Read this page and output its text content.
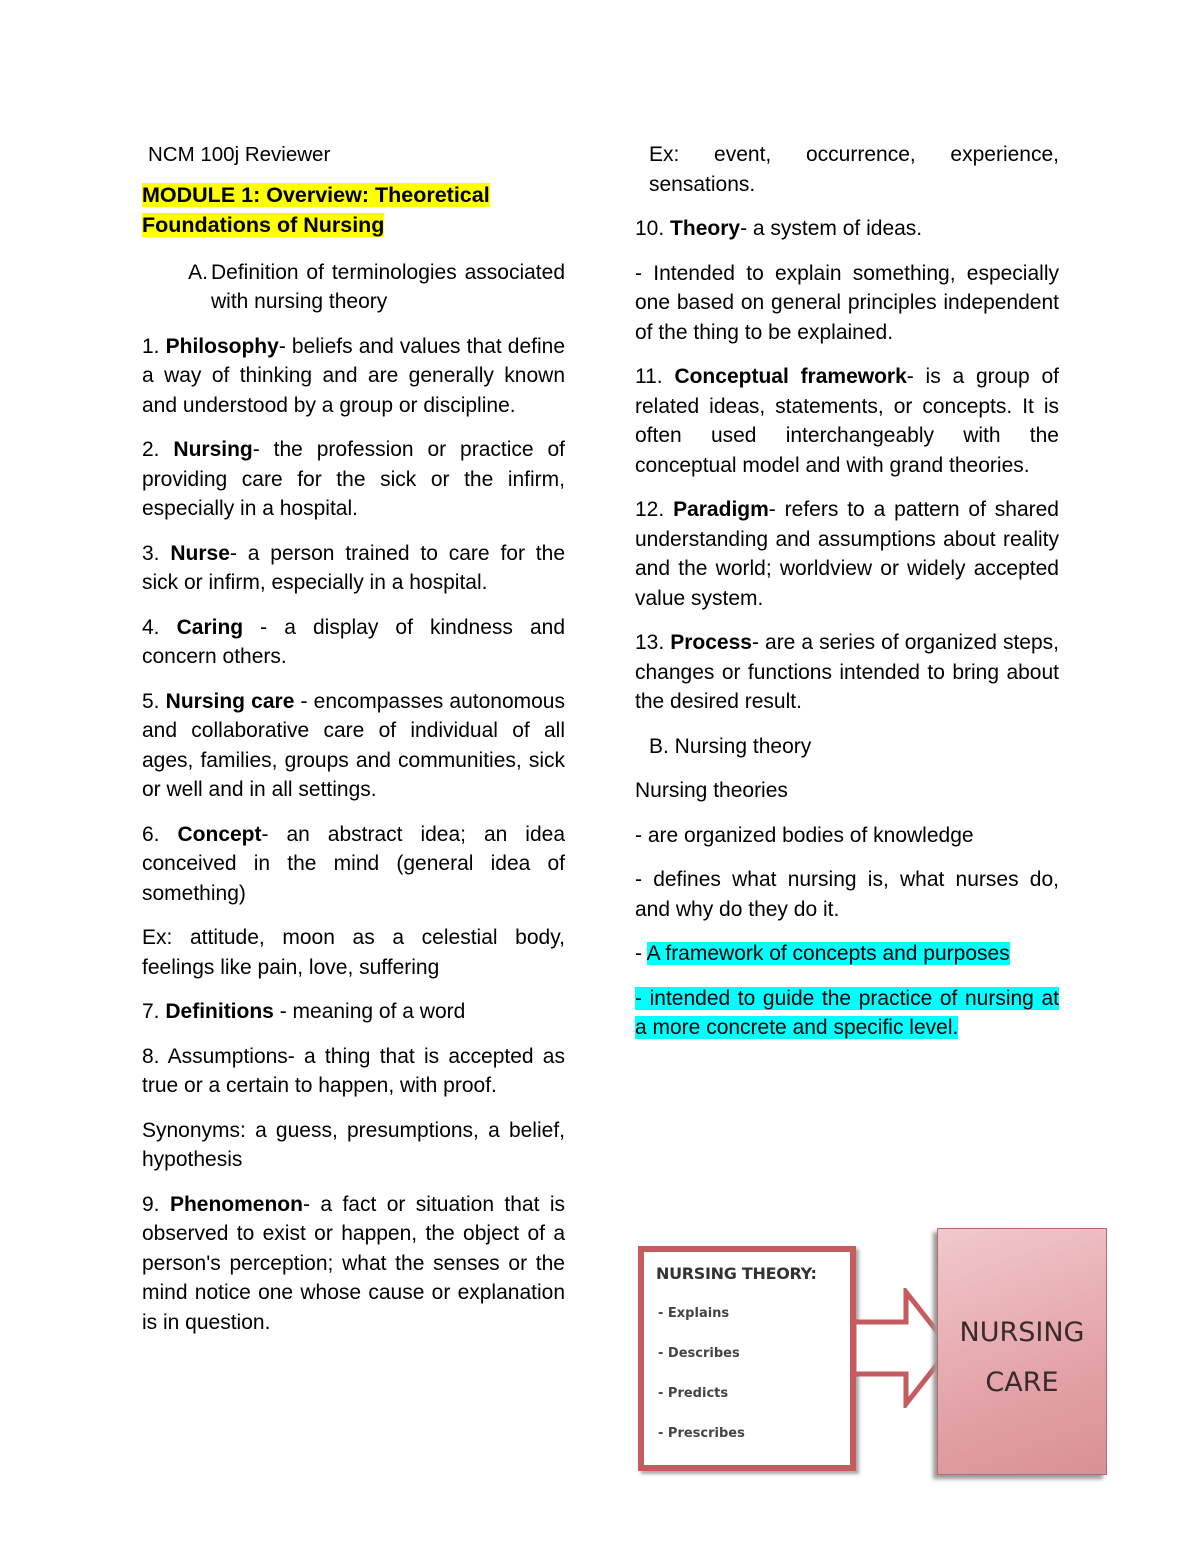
NCM 100j Reviewer

MODULE 1: Overview: Theoretical Foundations of Nursing

A. Definition of terminologies associated with nursing theory

1. Philosophy- beliefs and values that define a way of thinking and are generally known and understood by a group or discipline.

2. Nursing- the profession or practice of providing care for the sick or the infirm, especially in a hospital.

3. Nurse- a person trained to care for the sick or infirm, especially in a hospital.

4. Caring - a display of kindness and concern others.

5. Nursing care - encompasses autonomous and collaborative care of individual of all ages, families, groups and communities, sick or well and in all settings.

6. Concept- an abstract idea; an idea conceived in the mind (general idea of something)

Ex: attitude, moon as a celestial body, feelings like pain, love, suffering

7. Definitions - meaning of a word

8. Assumptions- a thing that is accepted as true or a certain to happen, with proof.

Synonyms: a guess, presumptions, a belief, hypothesis

9. Phenomenon- a fact or situation that is observed to exist or happen, the object of a person's perception; what the senses or the mind notice one whose cause or explanation is in question.

Ex: event, occurrence, experience, sensations.

10. Theory- a system of ideas.

- Intended to explain something, especially one based on general principles independent of the thing to be explained.

11. Conceptual framework- is a group of related ideas, statements, or concepts. It is often used interchangeably with the conceptual model and with grand theories.

12. Paradigm- refers to a pattern of shared understanding and assumptions about reality and the world; worldview or widely accepted value system.

13. Process- are a series of organized steps, changes or functions intended to bring about the desired result.

B. Nursing theory

Nursing theories

- are organized bodies of knowledge

- defines what nursing is, what nurses do, and why do they do it.

- A framework of concepts and purposes

- intended to guide the practice of nursing at a more concrete and specific level.

NURSING THEORY:
- Explains
- Describes
- Predicts
- Prescribes
NURSING
CARE
